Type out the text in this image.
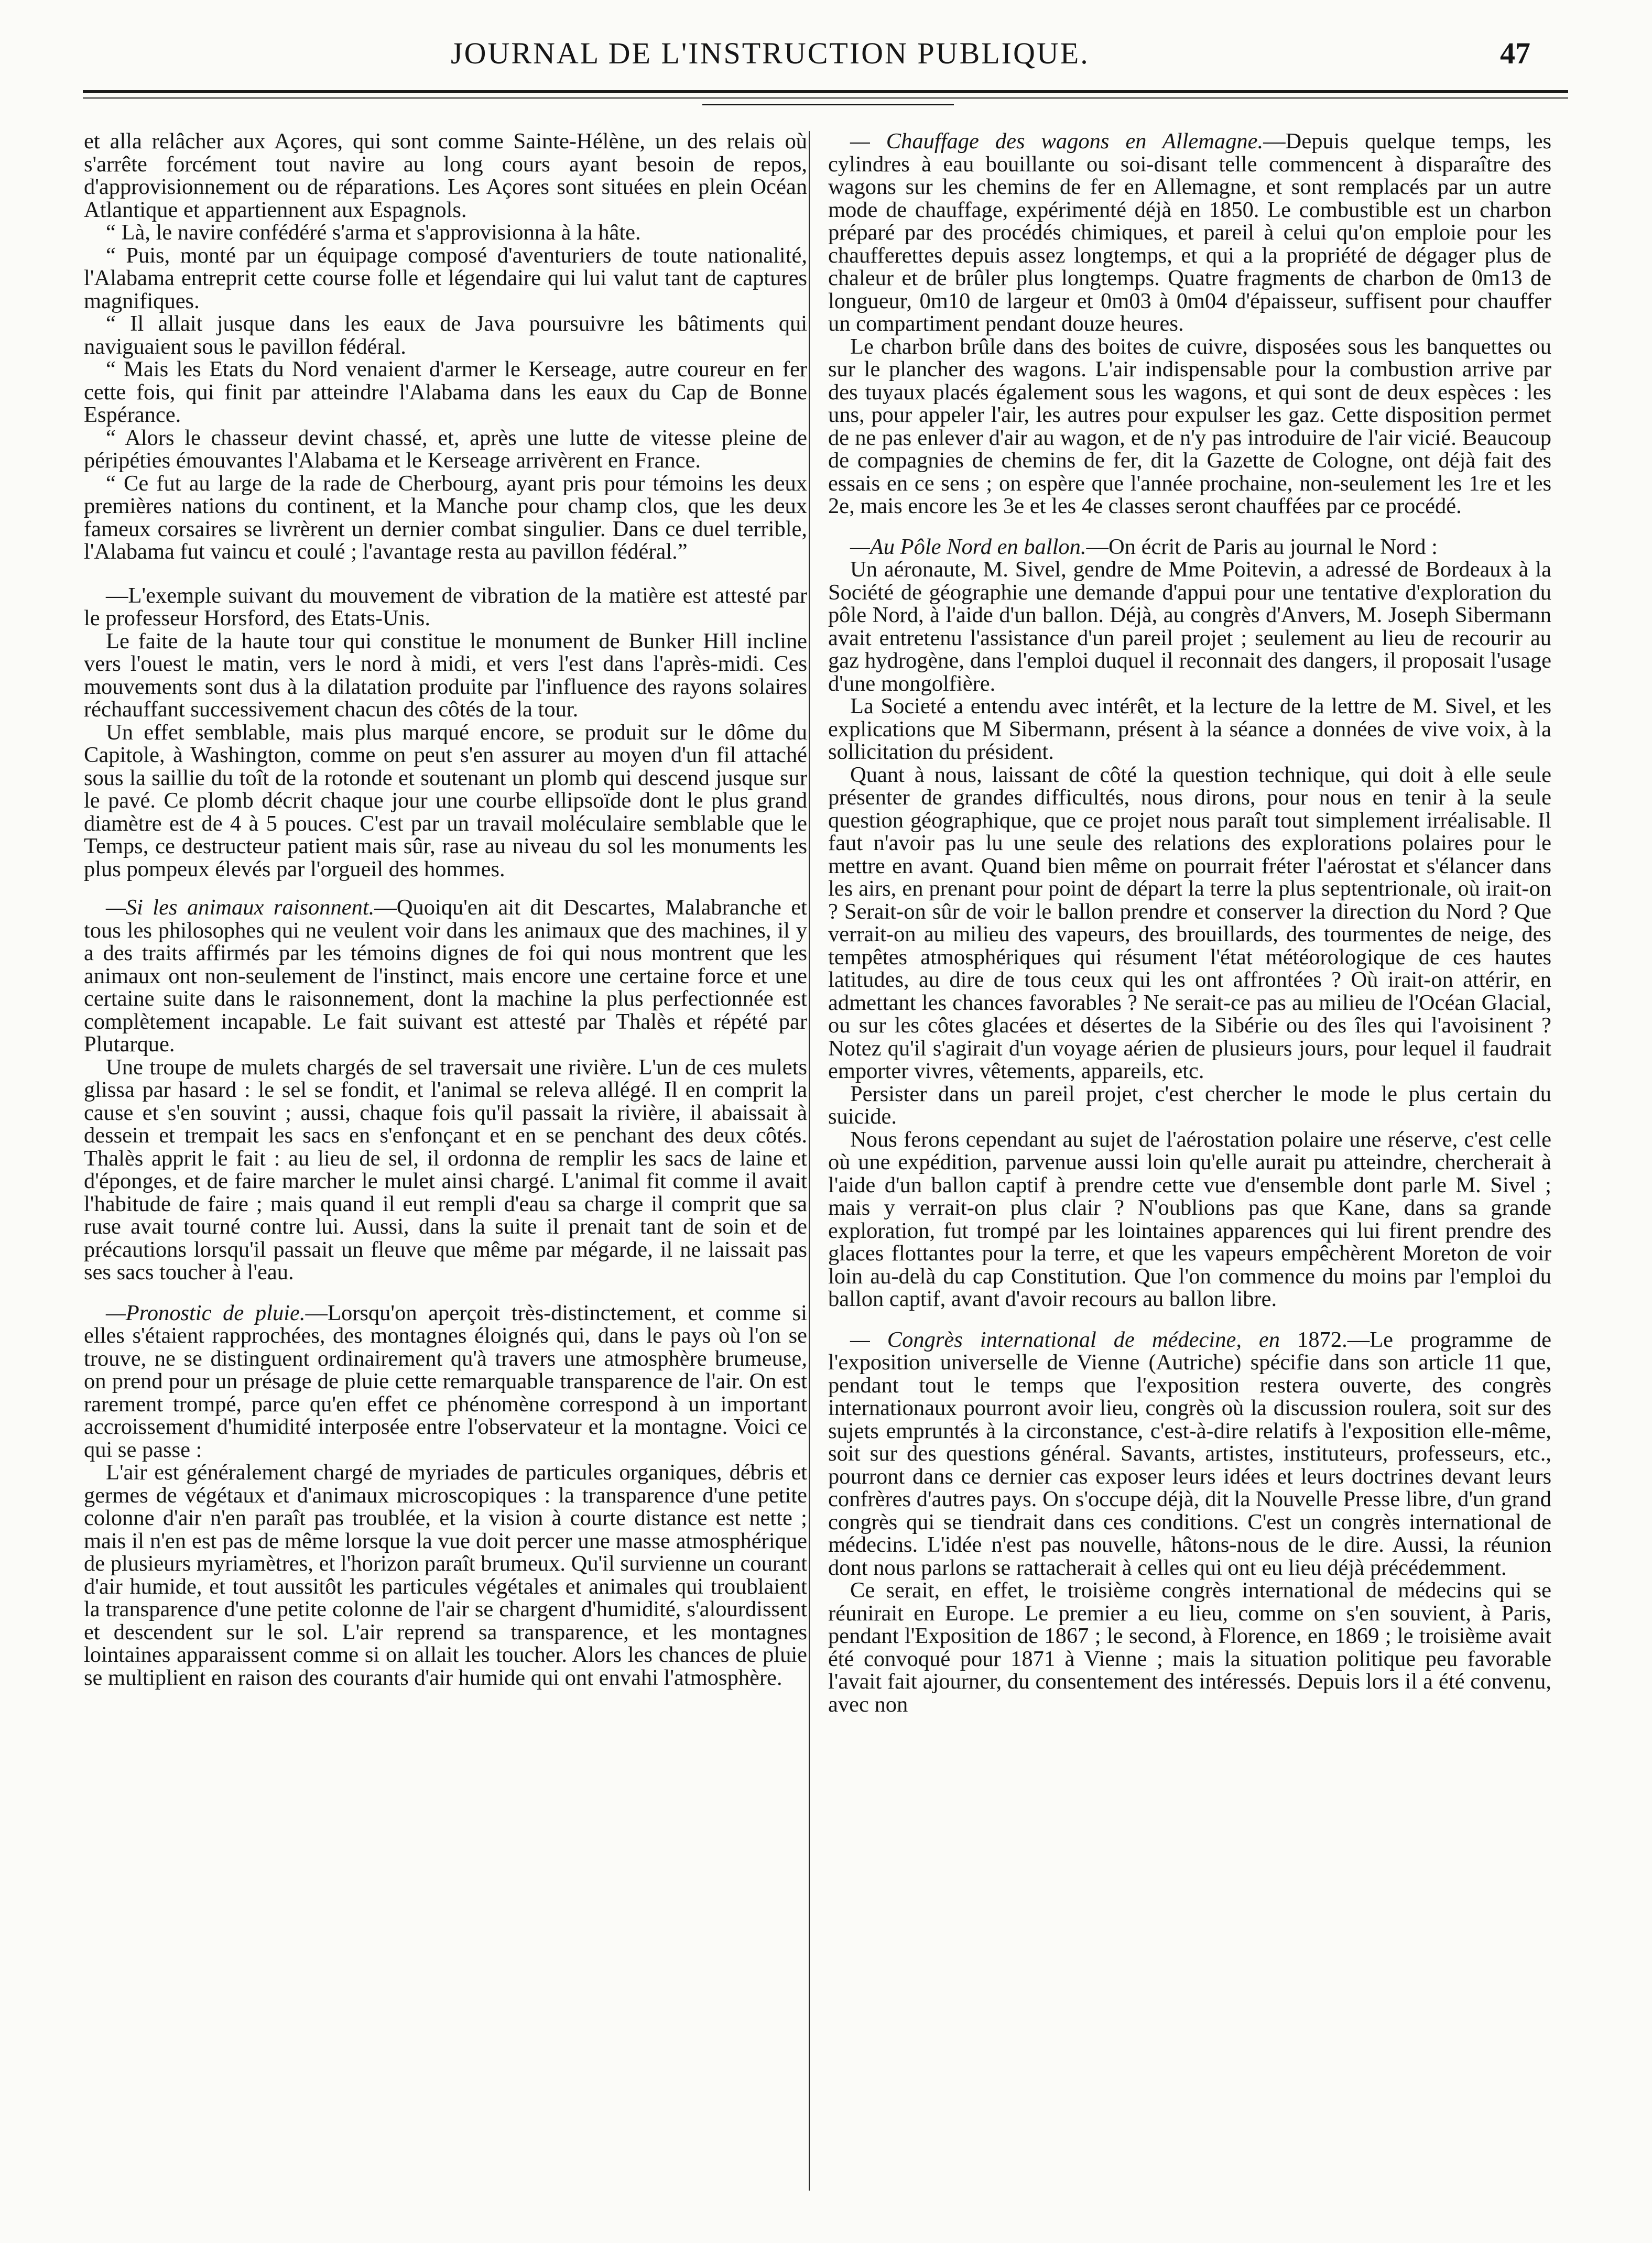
JOURNAL DE L'INSTRUCTION PUBLIQUE.	47

et alla relâcher aux Açores, qui sont comme Sainte-Hélène, un des relais où s'arrête forcément tout navire au long cours ayant besoin de repos, d'approvisionnement ou de réparations. Les Açores sont situées en plein Océan Atlantique et appartiennent aux Espagnols.

“ Là, le navire confédéré s'arma et s'approvisionna à la hâte.

“ Puis, monté par un équipage composé d'aventuriers de toute nationalité, l'Alabama entreprit cette course folle et légendaire qui lui valut tant de captures magnifiques.

“ Il allait jusque dans les eaux de Java poursuivre les bâtiments qui naviguaient sous le pavillon fédéral.

“ Mais les Etats du Nord venaient d'armer le Kerseage, autre coureur en fer cette fois, qui finit par atteindre l'Alabama dans les eaux du Cap de Bonne Espérance.

“ Alors le chasseur devint chassé, et, après une lutte de vitesse pleine de péripéties émouvantes l'Alabama et le Kerseage arrivèrent en France.

“ Ce fut au large de la rade de Cherbourg, ayant pris pour témoins les deux premières nations du continent, et la Manche pour champ clos, que les deux fameux corsaires se livrèrent un dernier combat singulier. Dans ce duel terrible, l'Alabama fut vaincu et coulé ; l'avantage resta au pavillon fédéral.”

—L'exemple suivant du mouvement de vibration de la matière est attesté par le professeur Horsford, des Etats-Unis.

Le faite de la haute tour qui constitue le monument de Bunker Hill incline vers l'ouest le matin, vers le nord à midi, et vers l'est dans l'après-midi. Ces mouvements sont dus à la dilatation produite par l'influence des rayons solaires réchauffant successivement chacun des côtés de la tour.

Un effet semblable, mais plus marqué encore, se produit sur le dôme du Capitole, à Washington, comme on peut s'en assurer au moyen d'un fil attaché sous la saillie du toît de la rotonde et soutenant un plomb qui descend jusque sur le pavé. Ce plomb décrit chaque jour une courbe ellipsoïde dont le plus grand diamètre est de 4 à 5 pouces. C'est par un travail moléculaire semblable que le Temps, ce destructeur patient mais sûr, rase au niveau du sol les monuments les plus pompeux élevés par l'orgueil des hommes.

—Si les animaux raisonnent.—Quoiqu'en ait dit Descartes, Malabranche et tous les philosophes qui ne veulent voir dans les animaux que des machines, il y a des traits affirmés par les témoins dignes de foi qui nous montrent que les animaux ont non-seulement de l'instinct, mais encore une certaine force et une certaine suite dans le raisonnement, dont la machine la plus perfectionnée est complètement incapable. Le fait suivant est attesté par Thalès et répété par Plutarque.

Une troupe de mulets chargés de sel traversait une rivière. L'un de ces mulets glissa par hasard : le sel se fondit, et l'animal se releva allégé. Il en comprit la cause et s'en souvint ; aussi, chaque fois qu'il passait la rivière, il abaissait à dessein et trempait les sacs en s'enfonçant et en se penchant des deux côtés. Thalès apprit le fait : au lieu de sel, il ordonna de remplir les sacs de laine et d'éponges, et de faire marcher le mulet ainsi chargé. L'animal fit comme il avait l'habitude de faire ; mais quand il eut rempli d'eau sa charge il comprit que sa ruse avait tourné contre lui. Aussi, dans la suite il prenait tant de soin et de précautions lorsqu'il passait un fleuve que même par mégarde, il ne laissait pas ses sacs toucher à l'eau.

—Pronostic de pluie.—Lorsqu'on aperçoit très-distinctement, et comme si elles s'étaient rapprochées, des montagnes éloignés qui, dans le pays où l'on se trouve, ne se distinguent ordinairement qu'à travers une atmosphère brumeuse, on prend pour un présage de pluie cette remarquable transparence de l'air. On est rarement trompé, parce qu'en effet ce phénomène correspond à un important accroissement d'humidité interposée entre l'observateur et la montagne. Voici ce qui se passe :

L'air est généralement chargé de myriades de particules organiques, débris et germes de végétaux et d'animaux microscopiques : la transparence d'une petite colonne d'air n'en paraît pas troublée, et la vision à courte distance est nette ; mais il n'en est pas de même lorsque la vue doit percer une masse atmosphérique de plusieurs myriamètres, et l'horizon paraît brumeux. Qu'il survienne un courant d'air humide, et tout aussitôt les particules végétales et animales qui troublaient la transparence d'une petite colonne de l'air se chargent d'humidité, s'alourdissent et descendent sur le sol. L'air reprend sa transparence, et les montagnes lointaines apparaissent comme si on allait les toucher. Alors les chances de pluie se multiplient en raison des courants d'air humide qui ont envahi l'atmosphère.

— Chauffage des wagons en Allemagne.—Depuis quelque temps, les cylindres à eau bouillante ou soi-disant telle commencent à disparaître des wagons sur les chemins de fer en Allemagne, et sont remplacés par un autre mode de chauffage, expérimenté déjà en 1850. Le combustible est un charbon préparé par des procédés chimiques, et pareil à celui qu'on emploie pour les chaufferettes depuis assez longtemps, et qui a la propriété de dégager plus de chaleur et de brûler plus longtemps. Quatre fragments de charbon de 0m13 de longueur, 0m10 de largeur et 0m03 à 0m04 d'épaisseur, suffisent pour chauffer un compartiment pendant douze heures.

Le charbon brûle dans des boites de cuivre, disposées sous les banquettes ou sur le plancher des wagons. L'air indispensable pour la combustion arrive par des tuyaux placés également sous les wagons, et qui sont de deux espèces : les uns, pour appeler l'air, les autres pour expulser les gaz. Cette disposition permet de ne pas enlever d'air au wagon, et de n'y pas introduire de l'air vicié. Beaucoup de compagnies de chemins de fer, dit la Gazette de Cologne, ont déjà fait des essais en ce sens ; on espère que l'année prochaine, non-seulement les 1re et les 2e, mais encore les 3e et les 4e classes seront chauffées par ce procédé.

—Au Pôle Nord en ballon.—On écrit de Paris au journal le Nord :

Un aéronaute, M. Sivel, gendre de Mme Poitevin, a adressé de Bordeaux à la Société de géographie une demande d'appui pour une tentative d'exploration du pôle Nord, à l'aide d'un ballon. Déjà, au congrès d'Anvers, M. Joseph Sibermann avait entretenu l'assistance d'un pareil projet ; seulement au lieu de recourir au gaz hydrogène, dans l'emploi duquel il reconnait des dangers, il proposait l'usage d'une mongolfière.

La Societé a entendu avec intérêt, et la lecture de la lettre de M. Sivel, et les explications que M Sibermann, présent à la séance a données de vive voix, à la sollicitation du président.

Quant à nous, laissant de côté la question technique, qui doit à elle seule présenter de grandes difficultés, nous dirons, pour nous en tenir à la seule question géographique, que ce projet nous paraît tout simplement irréalisable. Il faut n'avoir pas lu une seule des relations des explorations polaires pour le mettre en avant. Quand bien même on pourrait fréter l'aérostat et s'élancer dans les airs, en prenant pour point de départ la terre la plus septentrionale, où irait-on ? Serait-on sûr de voir le ballon prendre et conserver la direction du Nord ? Que verrait-on au milieu des vapeurs, des brouillards, des tourmentes de neige, des tempêtes atmosphériques qui résument l'état météorologique de ces hautes latitudes, au dire de tous ceux qui les ont affrontées ? Où irait-on attérir, en admettant les chances favorables ? Ne serait-ce pas au milieu de l'Océan Glacial, ou sur les côtes glacées et désertes de la Sibérie ou des îles qui l'avoisinent ? Notez qu'il s'agirait d'un voyage aérien de plusieurs jours, pour lequel il faudrait emporter vivres, vêtements, appareils, etc.

Persister dans un pareil projet, c'est chercher le mode le plus certain du suicide.

Nous ferons cependant au sujet de l'aérostation polaire une réserve, c'est celle où une expédition, parvenue aussi loin qu'elle aurait pu atteindre, chercherait à l'aide d'un ballon captif à prendre cette vue d'ensemble dont parle M. Sivel ; mais y verrait-on plus clair ? N'oublions pas que Kane, dans sa grande exploration, fut trompé par les lointaines apparences qui lui firent prendre des glaces flottantes pour la terre, et que les vapeurs empêchèrent Moreton de voir loin au-delà du cap Constitution. Que l'on commence du moins par l'emploi du ballon captif, avant d'avoir recours au ballon libre.

— Congrès international de médecine, en 1872.—Le programme de l'exposition universelle de Vienne (Autriche) spécifie dans son article 11 que, pendant tout le temps que l'exposition restera ouverte, des congrès internationaux pourront avoir lieu, congrès où la discussion roulera, soit sur des sujets empruntés à la circonstance, c'est-à-dire relatifs à l'exposition elle-même, soit sur des questions général. Savants, artistes, instituteurs, professeurs, etc., pourront dans ce dernier cas exposer leurs idées et leurs doctrines devant leurs confrères d'autres pays. On s'occupe déjà, dit la Nouvelle Presse libre, d'un grand congrès qui se tiendrait dans ces conditions. C'est un congrès international de médecins. L'idée n'est pas nouvelle, hâtons-nous de le dire. Aussi, la réunion dont nous parlons se rattacherait à celles qui ont eu lieu déjà précédemment.

Ce serait, en effet, le troisième congrès international de médecins qui se réunirait en Europe. Le premier a eu lieu, comme on s'en souvient, à Paris, pendant l'Exposition de 1867 ; le second, à Florence, en 1869 ; le troisième avait été convoqué pour 1871 à Vienne ; mais la situation politique peu favorable l'avait fait ajourner, du consentement des intéressés. Depuis lors il a été convenu, avec non
